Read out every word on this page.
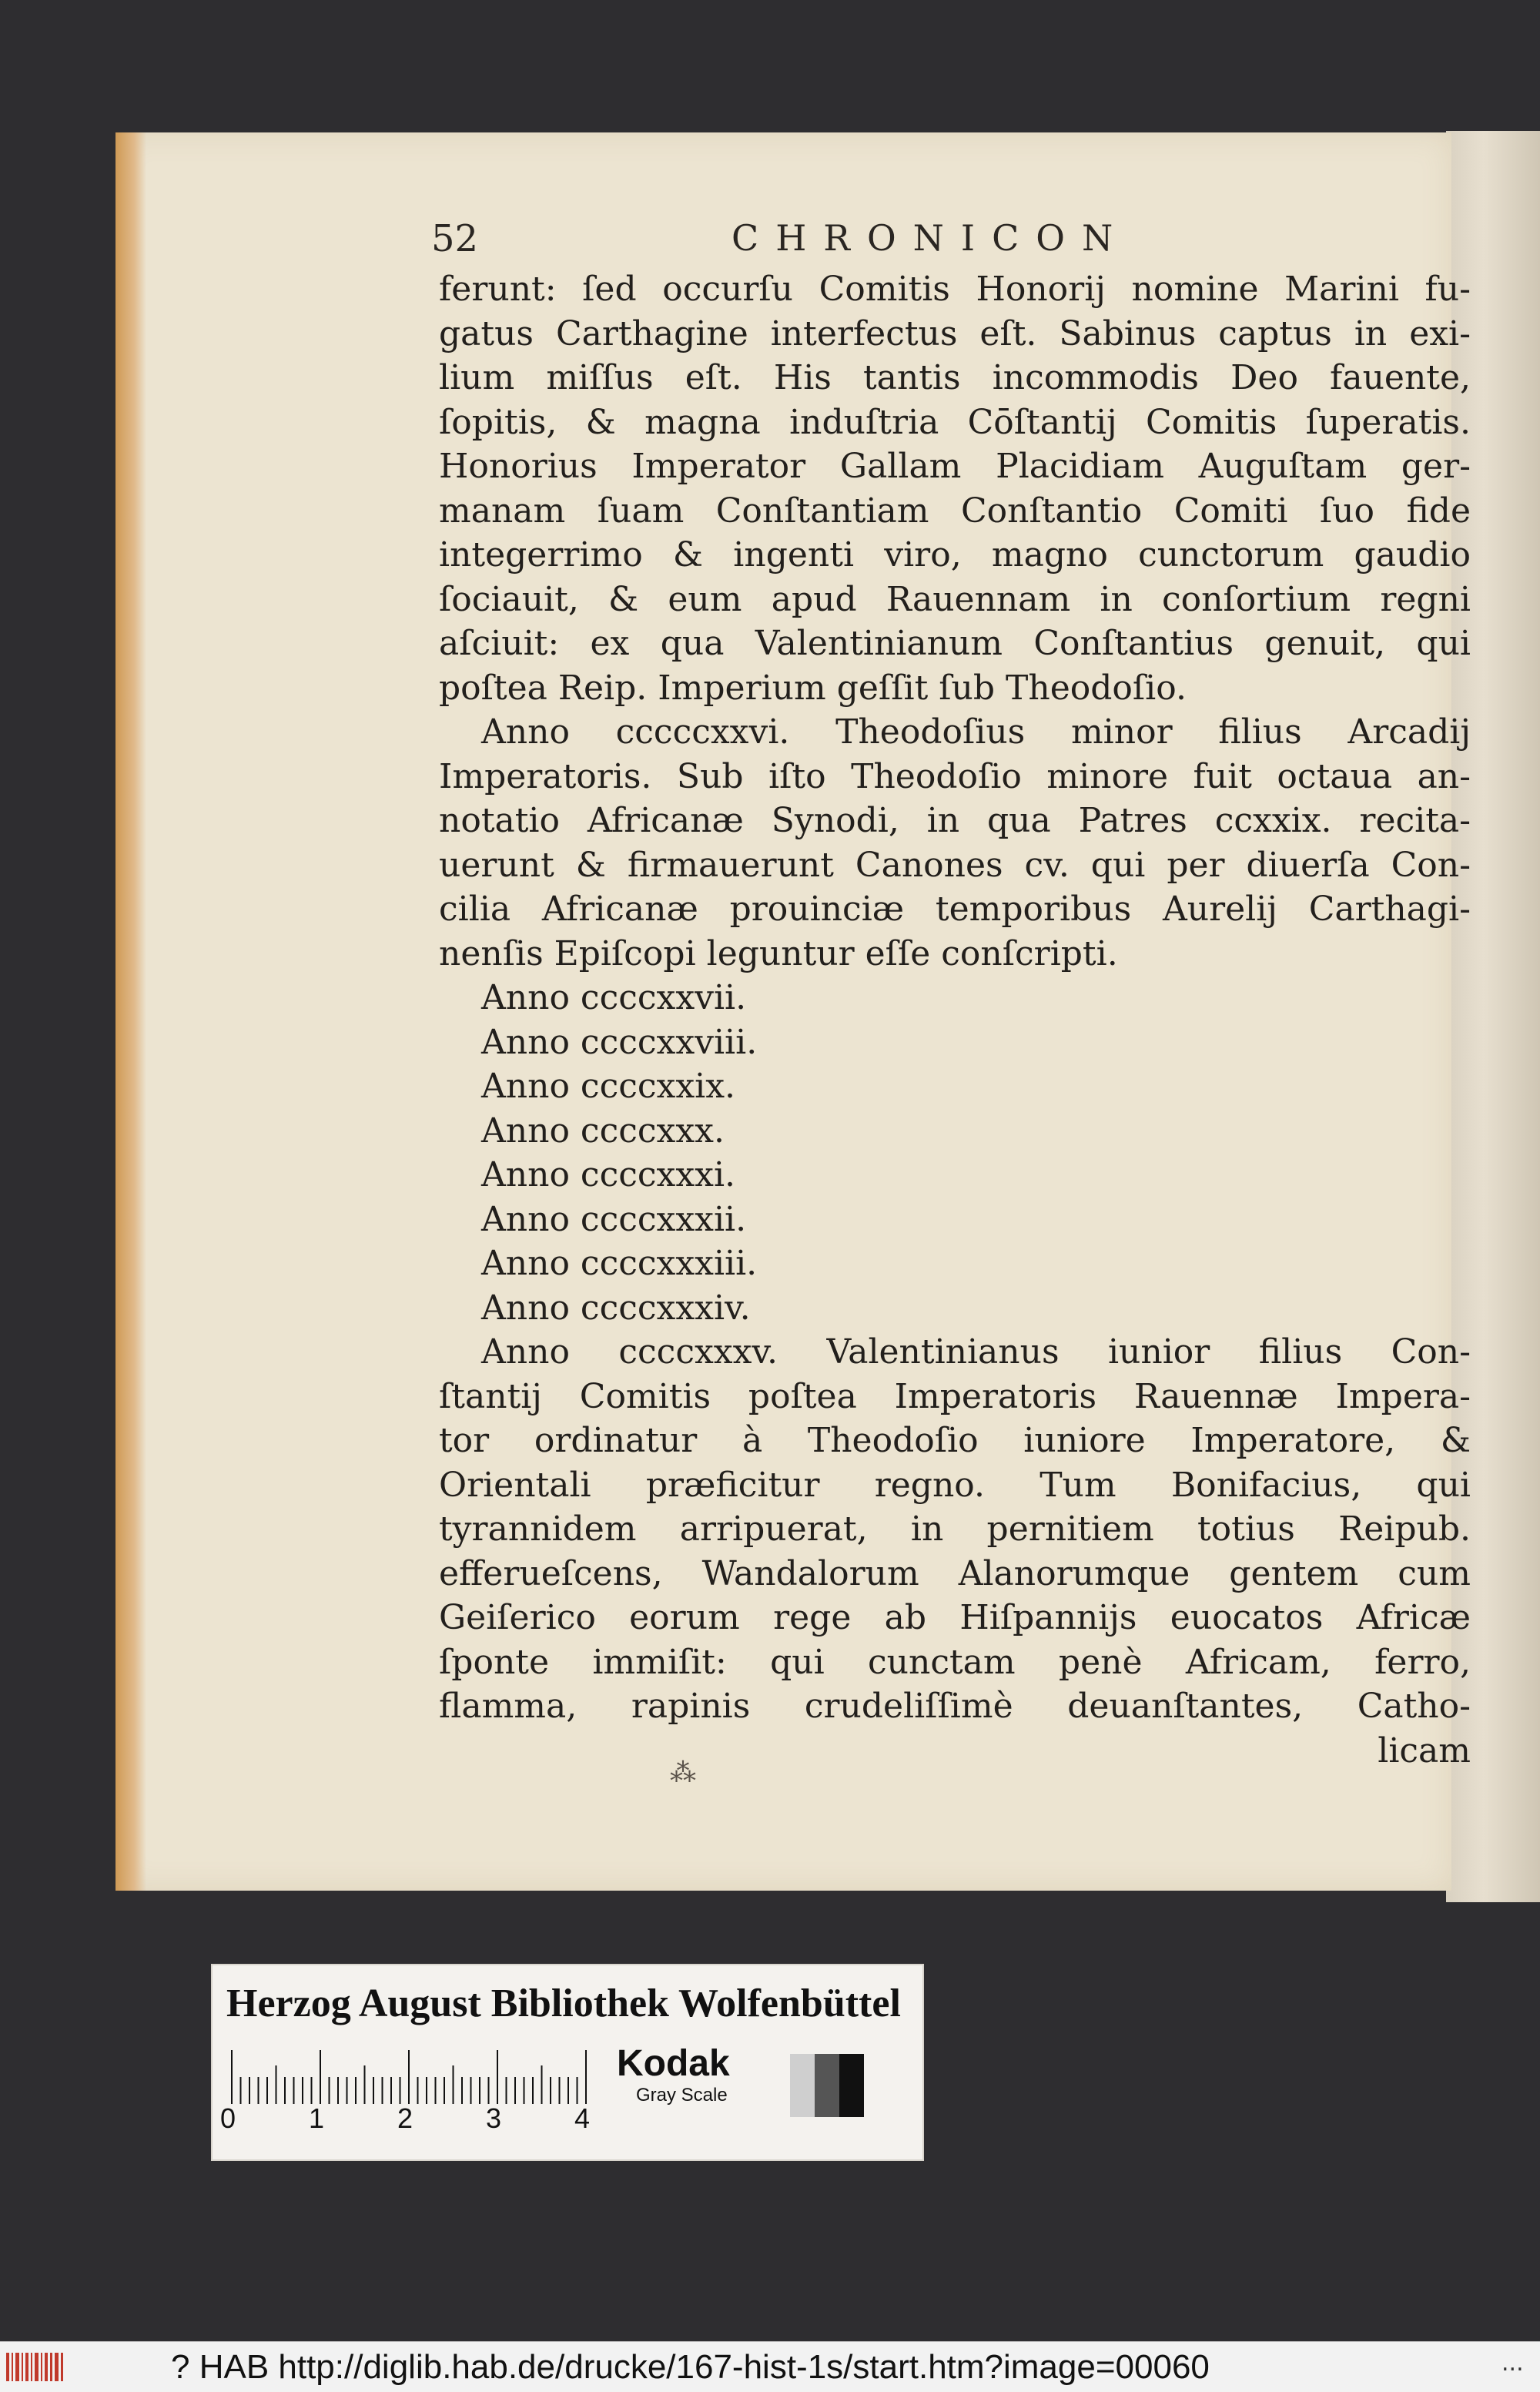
52	CHRONICON
ferunt: ſed occurſu Comitis Honorij nomine Marini fu-
gatus Carthagine interfectus eſt. Sabinus captus in exi-
lium miſſus eſt. His tantis incommodis Deo fauente,
ſopitis, & magna induſtria Cōſtantij Comitis ſuperatis.
Honorius Imperator Gallam Placidiam Auguſtam ger-
manam ſuam Conſtantiam Conſtantio Comiti ſuo fide
integerrimo & ingenti viro, magno cunctorum gaudio
ſociauit, & eum apud Rauennam in conſortium regni
aſciuit: ex qua Valentinianum Conſtantius genuit, qui
poſtea Reip. Imperium geſſit ſub Theodoſio.
Anno cccccxxvi. Theodoſius minor filius Arcadij
Imperatoris. Sub iſto Theodoſio minore fuit octaua an-
notatio Africanæ Synodi, in qua Patres ccxxix. recita-
uerunt & firmauerunt Canones cv. qui per diuerſa Con-
cilia Africanæ prouinciæ temporibus Aurelij Carthagi-
nenſis Epiſcopi leguntur eſſe conſcripti.
Anno ccccxxvii.
Anno ccccxxviii.
Anno ccccxxix.
Anno ccccxxx.
Anno ccccxxxi.
Anno ccccxxxii.
Anno ccccxxxiii.
Anno ccccxxxiv.
Anno ccccxxxv. Valentinianus iunior filius Con-
ſtantij Comitis poſtea Imperatoris Rauennæ Impera-
tor ordinatur à Theodoſio iuniore Imperatore, &
Orientali præficitur regno. Tum Bonifacius, qui
tyrannidem arripuerat, in pernitiem totius Reipub.
efferueſcens, Wandalorum Alanorumque gentem cum
Geiſerico eorum rege ab Hiſpannijs euocatos Africæ
ſponte immiſit: qui cunctam penè Africam, ferro,
flamma, rapinis crudeliſſimè deuanſtantes, Catho-
licam
⁂
Herzog August Bibliothek Wolfenbüttel
0	1	2	3	4
Kodak
Gray Scale
? HAB http://diglib.hab.de/drucke/167-hist-1s/start.htm?image=00060	...
